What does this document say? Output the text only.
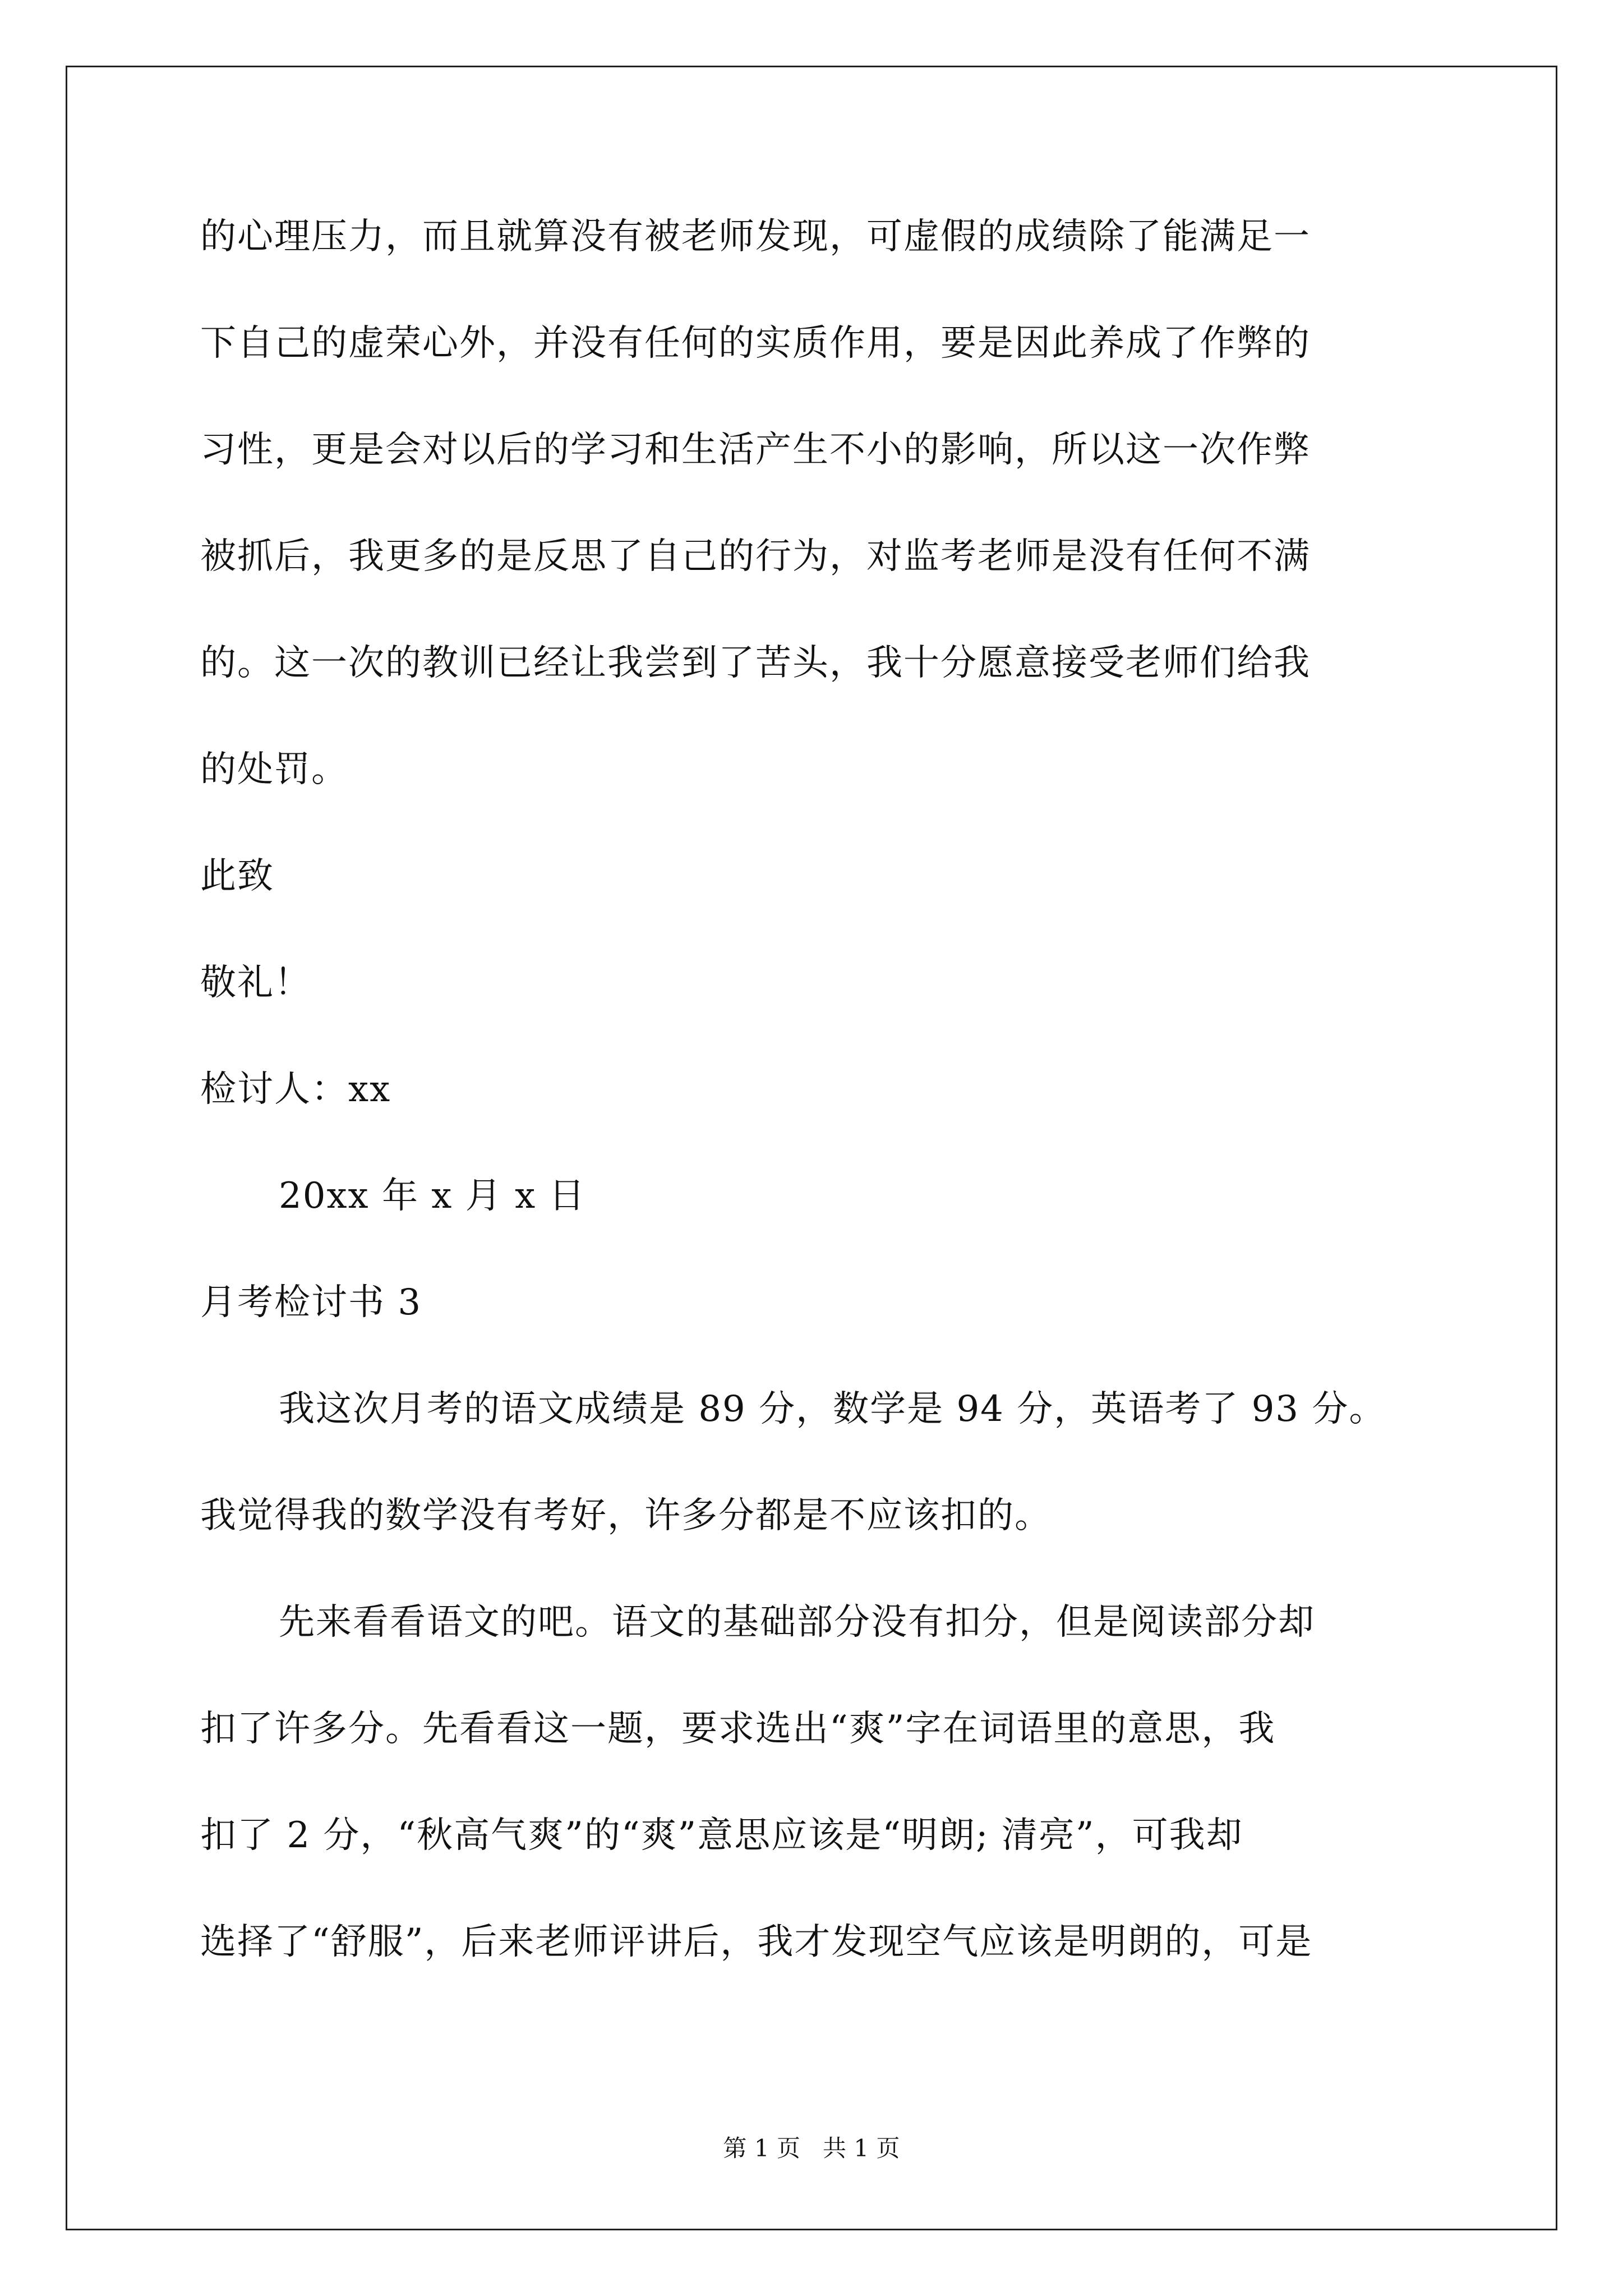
的心理压力，而且就算没有被老师发现，可虚假的成绩除了能满足一
下自己的虚荣心外，并没有任何的实质作用，要是因此养成了作弊的
习性，更是会对以后的学习和生活产生不小的影响，所以这一次作弊
被抓后，我更多的是反思了自己的行为，对监考老师是没有任何不满
的。这一次的教训已经让我尝到了苦头，我十分愿意接受老师们给我
的处罚。
此致
敬礼！
检讨人：xx
20xx 年 x 月 x 日
月考检讨书 3
我这次月考的语文成绩是 89 分，数学是 94 分，英语考了 93 分。
我觉得我的数学没有考好，许多分都是不应该扣的。
先来看看语文的吧。语文的基础部分没有扣分，但是阅读部分却
扣了许多分。先看看这一题，要求选出“爽”字在词语里的意思，我
扣了 2 分，“秋高气爽”的“爽”意思应该是“明朗; 清亮”，可我却
选择了“舒服”，后来老师评讲后，我才发现空气应该是明朗的，可是
第 1 页   共 1 页
